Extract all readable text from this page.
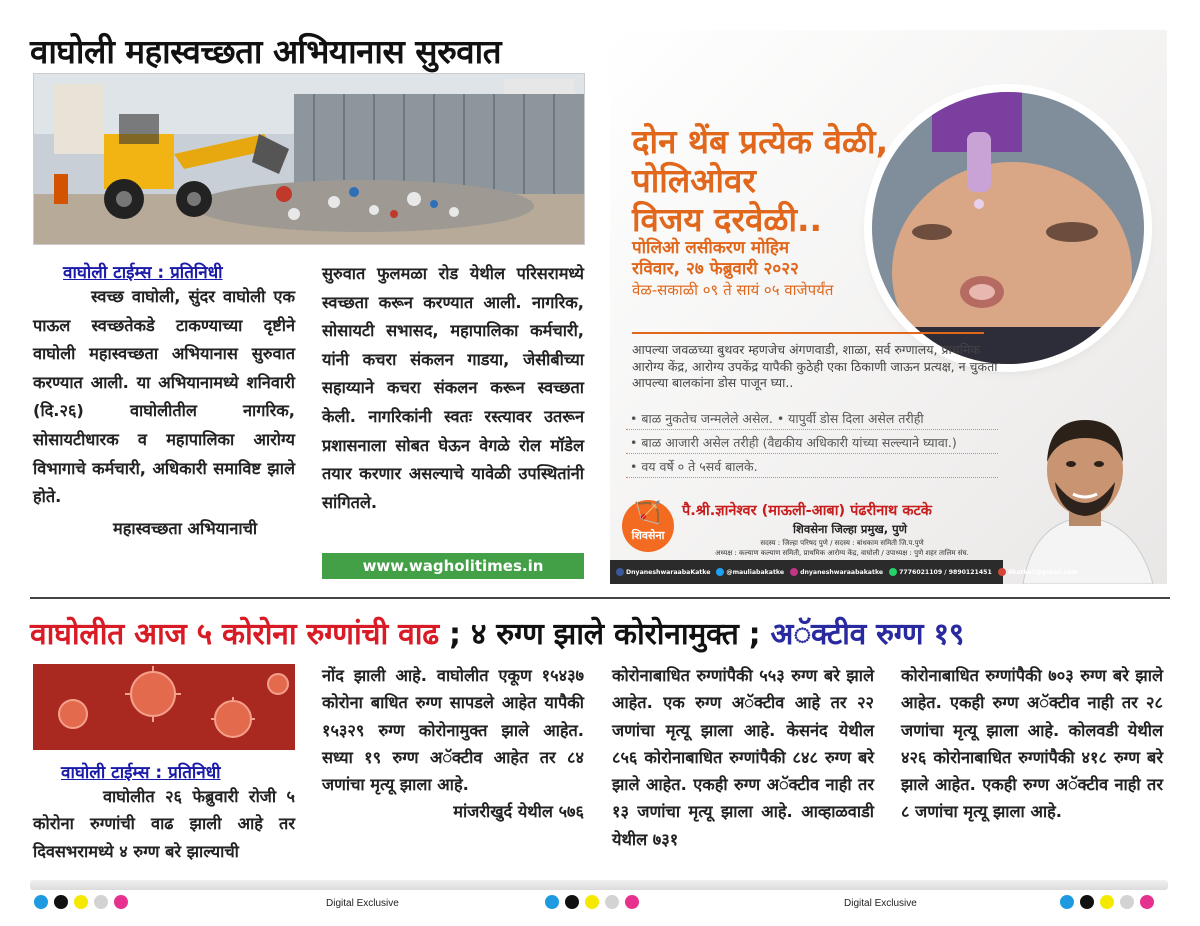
वाघोली महास्वच्छता अभियानास सुरुवात
वाघोली टाईम्स : प्रतिनिधी

स्वच्छ वाघोली, सुंदर वाघोली एक पाऊल स्वच्छतेकडे टाकण्याच्या दृष्टीने वाघोली महास्वच्छता अभियानास सुरुवात करण्यात आली. या अभियानामध्ये शनिवारी (दि.२६) वाघोलीतील नागरिक, सोसायटीधारक व महापालिका आरोग्य विभागाचे कर्मचारी, अधिकारी समाविष्ट झाले होते.

महास्वच्छता अभियानाची

सुरुवात फुलमळा रोड येथील परिसरामध्ये स्वच्छता करून करण्यात आली. नागरिक, सोसायटी सभासद, महापालिका कर्मचारी, यांनी कचरा संकलन गाडया, जेसीबीच्या सहाय्याने कचरा संकलन करून स्वच्छता केली. नागरिकांनी स्वतः रस्त्यावर उतरून प्रशासनाला सोबत घेऊन वेगळे रोल मॉडेल तयार करणार असल्याचे यावेळी उपस्थितांनी सांगितले.

www.wagholitimes.in
दोन थेंब प्रत्येक वेळी,
पोलिओवर
विजय दरवेळी..
पोलिओ लसीकरण मोहिम
रविवार, २७ फेब्रुवारी २०२२
वेळ-सकाळी ०९ ते सायं ०५ वाजेपर्यंत
आपल्या जवळच्या बुथवर म्हणजेच अंगणवाडी, शाळा, सर्व रुग्णालय, प्राथमिक आरोग्य केंद्र, आरोग्य उपकेंद्र यापैकी कुठेही एका ठिकाणी जाऊन प्रत्यक्ष, न चुकता आपल्या बालकांना डोस पाजून घ्या..
• बाळ नुकतेच जन्मलेले असेल. • यापुर्वी डोस दिला असेल तरीही
• बाळ आजारी असेल तरीही (वैद्यकीय अधिकारी यांच्या सल्ल्याने घ्यावा.)
• वय वर्षे ० ते ५सर्व बालके.
🏹
शिवसेना
पै.श्री.ज्ञानेश्वर (माऊली-आबा) पंढरीनाथ कटके
शिवसेना जिल्हा प्रमुख, पुणे
सदस्य : जिल्हा परिषद पुणे / सदस्य : बांधकाम समिती जि.प.पुणे
अध्यक्ष : कल्याण कल्याण समिती, प्राथमिक आरोग्य केंद्र, वाघोली / उपाध्यक्ष : पुणे शहर तालिम संघ.
DnyaneshwaraabaKatke	@mauliabakatke	dnyaneshwaraabakatke	7776021109 / 9890121451	dkatke7@gmail.com
वाघोलीत आज ५ कोरोना रुग्णांची वाढ ; ४ रुग्ण झाले कोरोनामुक्त ; अॅक्टीव रुग्ण १९
वाघोली टाईम्स : प्रतिनिधी

वाघोलीत २६ फेब्रुवारी रोजी ५ कोरोना रुग्णांची वाढ झाली आहे तर दिवसभरामध्ये ४ रुग्ण बरे झाल्याची

नोंद झाली आहे. वाघोलीत एकूण १५४३७ कोरोना बाधित रुग्ण सापडले आहेत यापैकी १५३२९ रुग्ण कोरोनामुक्त झाले आहेत. सध्या १९ रुग्ण अॅक्टीव आहेत तर ८४ जणांचा मृत्यू झाला आहे.

मांजरीखुर्द येथील ५७६

कोरोनाबाधित रुग्णांपैकी ५५३ रुग्ण बरे झाले आहेत. एक रुग्ण अॅक्टीव आहे तर २२ जणांचा मृत्यू झाला आहे. केसनंद येथील ८५६ कोरोनाबाधित रुग्णांपैकी ८४८ रुग्ण बरे झाले आहेत. एकही रुग्ण अॅक्टीव नाही तर १३ जणांचा मृत्यू झाला आहे. आव्हाळवाडी येथील ७३१

कोरोनाबाधित रुग्णांपैकी ७०३ रुग्ण बरे झाले आहेत. एकही रुग्ण अॅक्टीव नाही तर २८ जणांचा मृत्यू झाला आहे. कोलवडी येथील ४२६ कोरोनाबाधित रुग्णांपैकी ४१८ रुग्ण बरे झाले आहेत. एकही रुग्ण अॅक्टीव नाही तर ८ जणांचा मृत्यू झाला आहे.

Digital Exclusive	Digital Exclusive
